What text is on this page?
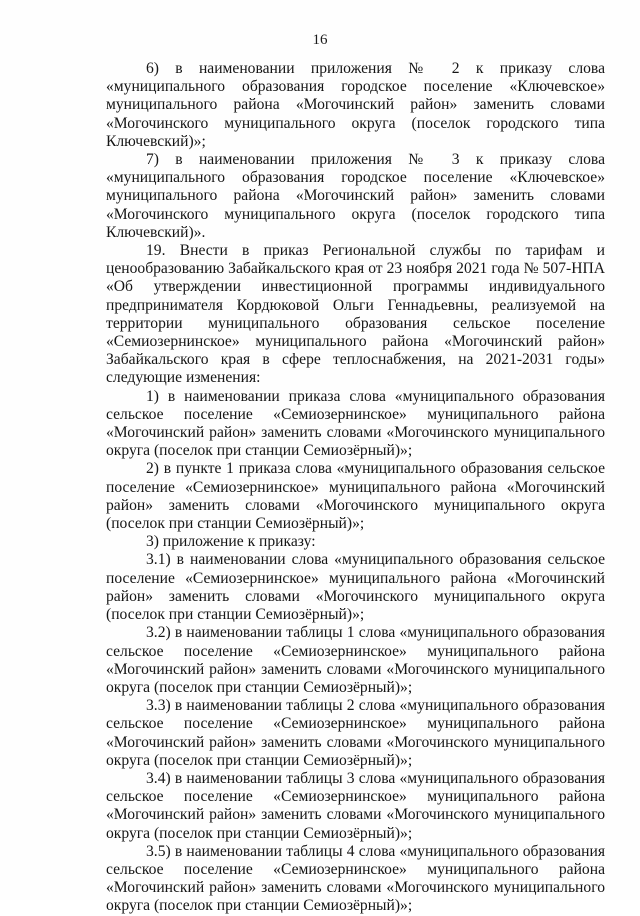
16

6) в наименовании приложения № 2 к приказу слова «муниципального образования городское поселение «Ключевское» муниципального района «Могочинский район» заменить словами «Могочинского муниципального округа (поселок городского типа Ключевский)»;

7) в наименовании приложения № 3 к приказу слова «муниципального образования городское поселение «Ключевское» муниципального района «Могочинский район» заменить словами «Могочинского муниципального округа (поселок городского типа Ключевский)».

19. Внести в приказ Региональной службы по тарифам и ценообразованию Забайкальского края от 23 ноября 2021 года № 507-НПА «Об утверждении инвестиционной программы индивидуального предпринимателя Кордюковой Ольги Геннадьевны, реализуемой на территории муниципального образования сельское поселение «Семиозернинское» муниципального района «Могочинский район» Забайкальского края в сфере теплоснабжения, на 2021-2031 годы» следующие изменения:

1) в наименовании приказа слова «муниципального образования сельское поселение «Семиозернинское» муниципального района «Могочинский район» заменить словами «Могочинского муниципального округа (поселок при станции Семиозёрный)»;

2) в пункте 1 приказа слова «муниципального образования сельское поселение «Семиозернинское» муниципального района «Могочинский район» заменить словами «Могочинского муниципального округа (поселок при станции Семиозёрный)»;

3) приложение к приказу:

3.1) в наименовании слова «муниципального образования сельское поселение «Семиозернинское» муниципального района «Могочинский район» заменить словами «Могочинского муниципального округа (поселок при станции Семиозёрный)»;

3.2) в наименовании таблицы 1 слова «муниципального образования сельское поселение «Семиозернинское» муниципального района «Могочинский район» заменить словами «Могочинского муниципального округа (поселок при станции Семиозёрный)»;

3.3) в наименовании таблицы 2 слова «муниципального образования сельское поселение «Семиозернинское» муниципального района «Могочинский район» заменить словами «Могочинского муниципального округа (поселок при станции Семиозёрный)»;

3.4) в наименовании таблицы 3 слова «муниципального образования сельское поселение «Семиозернинское» муниципального района «Могочинский район» заменить словами «Могочинского муниципального округа (поселок при станции Семиозёрный)»;

3.5) в наименовании таблицы 4 слова «муниципального образования сельское поселение «Семиозернинское» муниципального района «Могочинский район» заменить словами «Могочинского муниципального округа (поселок при станции Семиозёрный)»;
